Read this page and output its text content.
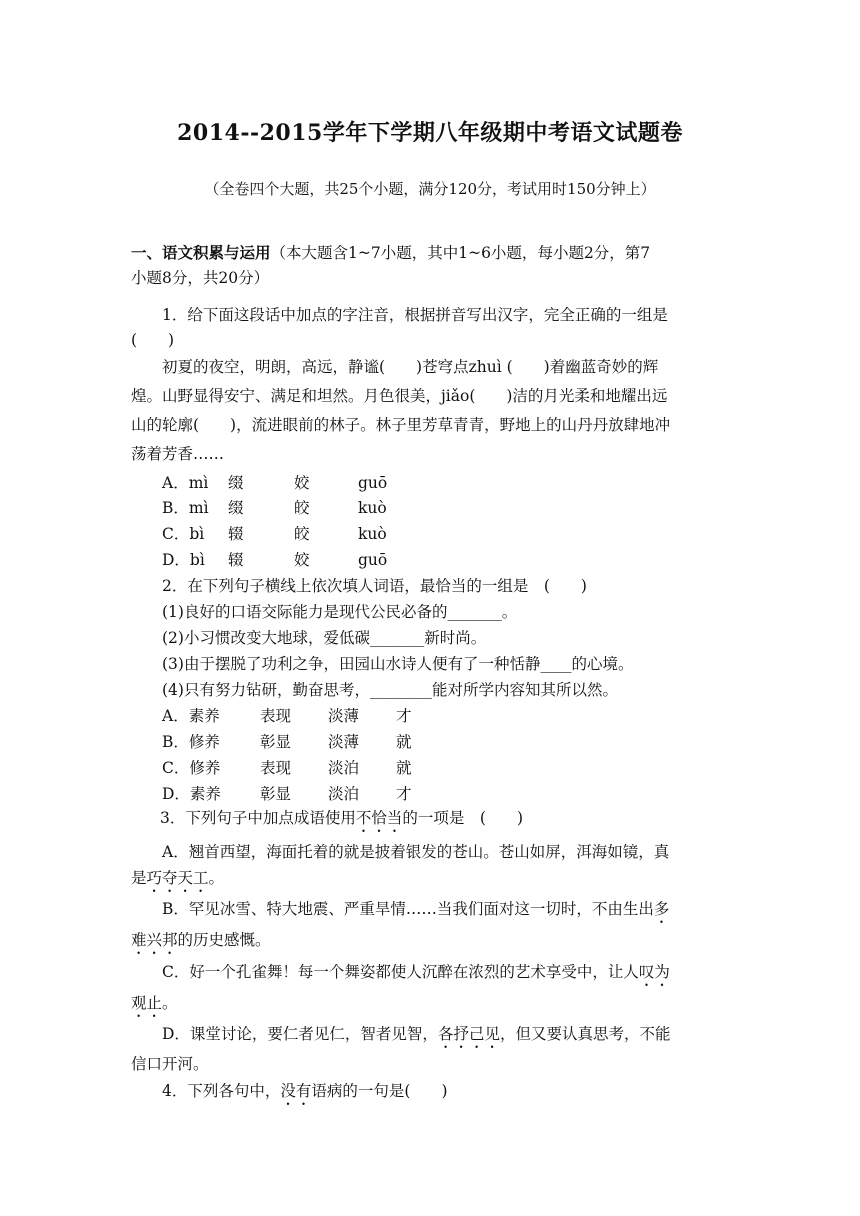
2014--2015学年下学期八年级期中考语文试题卷
（全卷四个大题，共25个小题，满分120分，考试用时150分钟上）
一、语文积累与运用（本大题含1~7小题，其中1~6小题，每小题2分，第7
小题8分，共20分）
1．给下面这段话中加点的字注音，根据拼音写出汉字，完全正确的一组是
(　　)
初夏的夜空，明朗，高远，静谧(　　)苍穹点zhuì (　　)着幽蓝奇妙的辉
煌。山野显得安宁、满足和坦然。月色很美，jiǎo(　　)洁的月光柔和地耀出远
山的轮廓(　　)，流进眼前的林子。林子里芳草青青，野地上的山丹丹放肆地冲
荡着芳香……
A．mì 缀	姣	guō
B．mì 缀	皎	kuò
C．bì 辍	皎	kuò
D．bì 辍	姣	guō
2．在下列句子横线上依次填人词语，最恰当的一组是　(　　)
(1)良好的口语交际能力是现代公民必备的_______。
(2)小习惯改变大地球，爱低碳_______新时尚。
(3)由于摆脱了功利之争，田园山水诗人便有了一种恬静____的心境。
(4)只有努力钻研，勤奋思考，________能对所学内容知其所以然。
A．素养	表现 淡薄 才
B．修养	彰显 淡薄 就
C．修养	表现 淡泊 就
D．素养	彰显 淡泊 才
3．下列句子中加点成语使用不恰当的一项是　(　　)
A．翘首西望，海面托着的就是披着银发的苍山。苍山如屏，洱海如镜，真
是巧夺天工。
B．罕见冰雪、特大地震、严重旱情……当我们面对这一切时，不由生出多
难兴邦的历史感慨。
C．好一个孔雀舞！每一个舞姿都使人沉醉在浓烈的艺术享受中，让人叹为
观止。
D．课堂讨论，要仁者见仁，智者见智，各抒己见，但又要认真思考，不能
信口开河。
4．下列各句中，没有语病的一句是(　　)
